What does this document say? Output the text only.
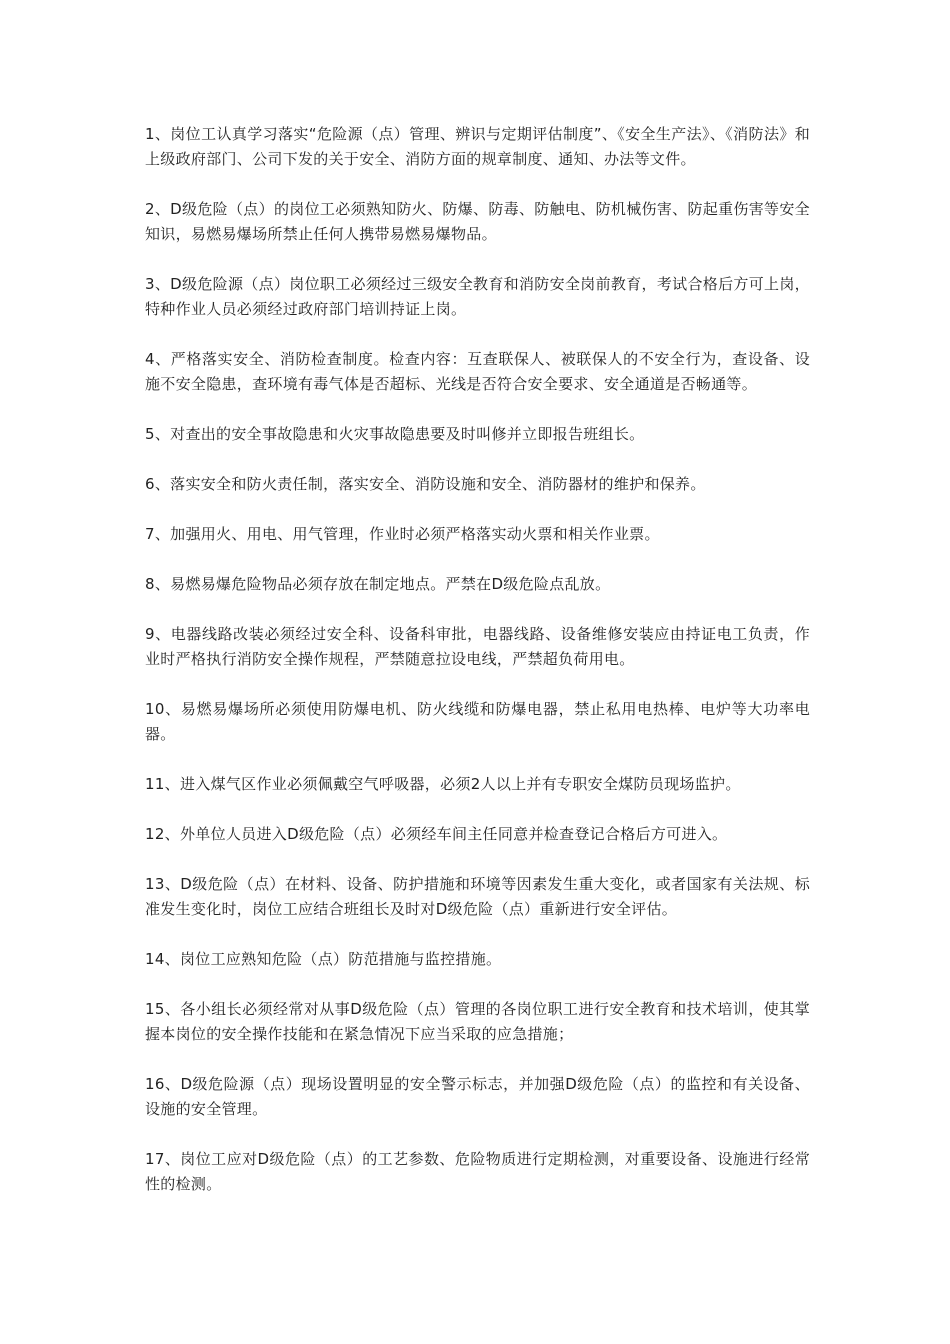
1、岗位工认真学习落实“危险源（点）管理、辨识与定期评估制度”、《安全生产法》、《消防法》和上级政府部门、公司下发的关于安全、消防方面的规章制度、通知、办法等文件。

2、D级危险（点）的岗位工必须熟知防火、防爆、防毒、防触电、防机械伤害、防起重伤害等安全知识，易燃易爆场所禁止任何人携带易燃易爆物品。

3、D级危险源（点）岗位职工必须经过三级安全教育和消防安全岗前教育，考试合格后方可上岗，特种作业人员必须经过政府部门培训持证上岗。

4、严格落实安全、消防检查制度。检查内容：互查联保人、被联保人的不安全行为，查设备、设施不安全隐患，查环境有毒气体是否超标、光线是否符合安全要求、安全通道是否畅通等。

5、对查出的安全事故隐患和火灾事故隐患要及时叫修并立即报告班组长。

6、落实安全和防火责任制，落实安全、消防设施和安全、消防器材的维护和保养。

7、加强用火、用电、用气管理，作业时必须严格落实动火票和相关作业票。

8、易燃易爆危险物品必须存放在制定地点。严禁在D级危险点乱放。

9、电器线路改装必须经过安全科、设备科审批，电器线路、设备维修安装应由持证电工负责，作业时严格执行消防安全操作规程，严禁随意拉设电线，严禁超负荷用电。

10、易燃易爆场所必须使用防爆电机、防火线缆和防爆电器，禁止私用电热棒、电炉等大功率电器。

11、进入煤气区作业必须佩戴空气呼吸器，必须2人以上并有专职安全煤防员现场监护。

12、外单位人员进入D级危险（点）必须经车间主任同意并检查登记合格后方可进入。

13、D级危险（点）在材料、设备、防护措施和环境等因素发生重大变化，或者国家有关法规、标准发生变化时，岗位工应结合班组长及时对D级危险（点）重新进行安全评估。

14、岗位工应熟知危险（点）防范措施与监控措施。

15、各小组长必须经常对从事D级危险（点）管理的各岗位职工进行安全教育和技术培训，使其掌握本岗位的安全操作技能和在紧急情况下应当采取的应急措施；

16、D级危险源（点）现场设置明显的安全警示标志，并加强D级危险（点）的监控和有关设备、设施的安全管理。

17、岗位工应对D级危险（点）的工艺参数、危险物质进行定期检测，对重要设备、设施进行经常性的检测。
